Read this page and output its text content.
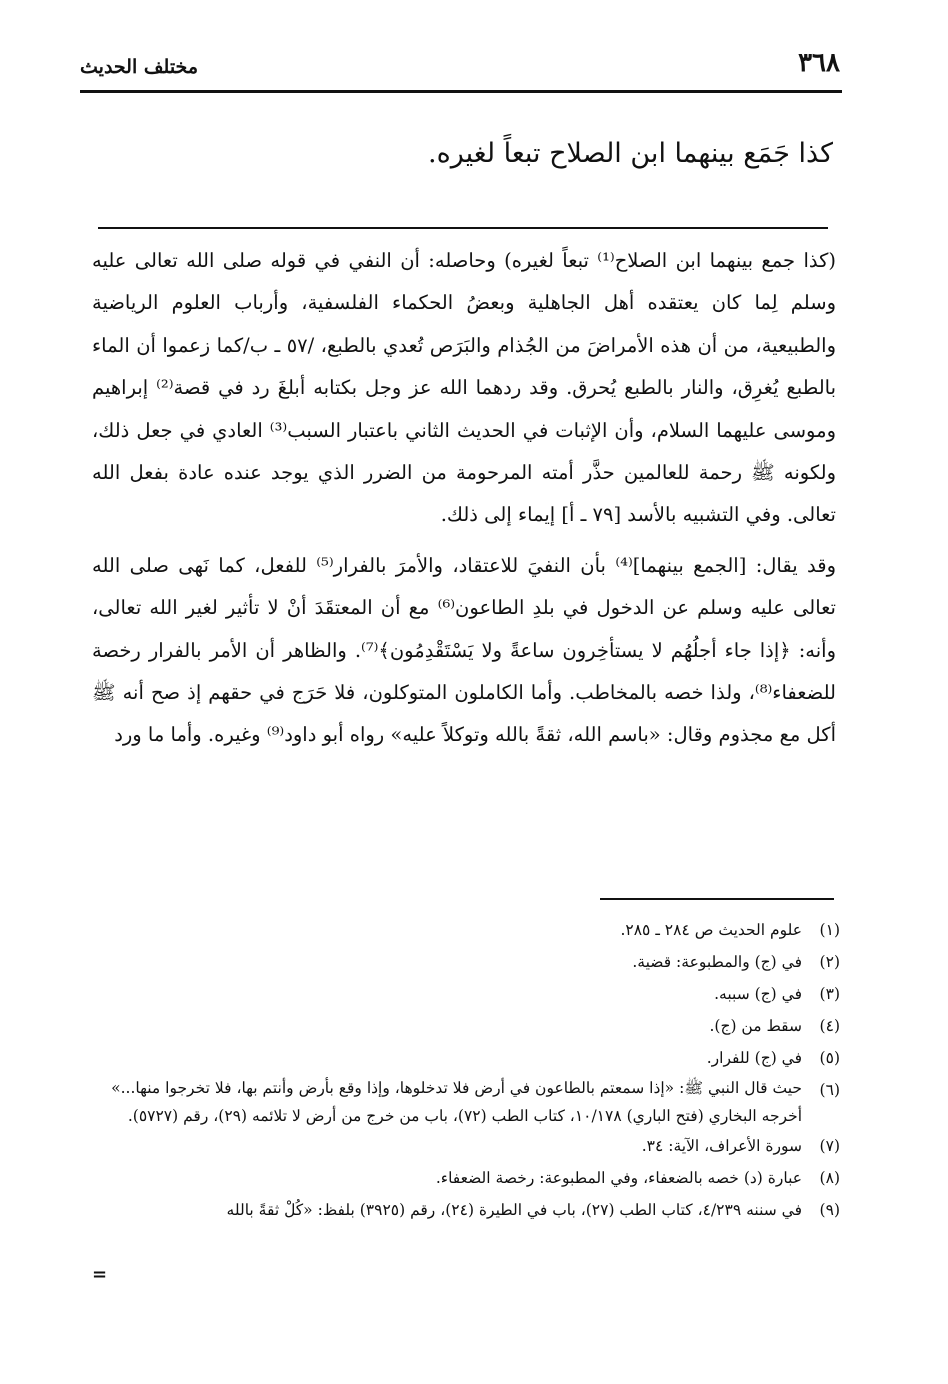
٣٦٨
مختلف الحديث
كذا جَمَع بينهما ابن الصلاح تبعاً لغيره.

(كذا جمع بينهما ابن الصلاح⁽¹⁾ تبعاً لغيره) وحاصله: أن النفي في قوله صلى الله تعالى عليه وسلم لِما كان يعتقده أهل الجاهلية وبعضُ الحكماء الفلسفية، وأرباب العلوم الرياضية والطبيعية، من أن هذه الأمراضَ من الجُذام والبَرَص تُعدي بالطبع، /٥٧ ـ ب/كما زعموا أن الماء بالطبع يُغرِق، والنار بالطبع يُحرق. وقد ردهما الله عز وجل بكتابه أبلغَ رد في قصة⁽²⁾ إبراهيم وموسى عليهما السلام، وأن الإثبات في الحديث الثاني باعتبار السبب⁽³⁾ العادي في جعل ذلك، ولكونه ﷺ رحمة للعالمين حذَّر أمته المرحومة من الضرر الذي يوجد عنده عادة بفعل الله تعالى. وفي التشبيه بالأسد [٧٩ ـ أ] إيماء إلى ذلك.

وقد يقال: [الجمع بينهما]⁽⁴⁾ بأن النفيَ للاعتقاد، والأمرَ بالفرار⁽⁵⁾ للفعل، كما نَهى صلى الله تعالى عليه وسلم عن الدخول في بلدِ الطاعون⁽⁶⁾ مع أن المعتقَدَ أنْ لا تأثير لغير الله تعالى، وأنه: ﴿إذا جاء أجلُهُم لا يستأخِرون ساعةً ولا يَسْتَقْدِمُون﴾⁽⁷⁾. والظاهر أن الأمر بالفرار رخصة للضعفاء⁽⁸⁾، ولذا خصه بالمخاطب. وأما الكاملون المتوكلون، فلا حَرَج في حقهم إذ صح أنه ﷺ أكل مع مجذوم وقال: «باسم الله، ثقةً بالله وتوكلاً عليه» رواه أبو داود⁽⁹⁾ وغيره. وأما ما ورد

(١)
علوم الحديث ص ٢٨٤ ـ ٢٨٥.
(٢)
في (ج) والمطبوعة: قضية.
(٣)
في (ج) سببه.
(٤)
سقط من (ج).
(٥)
في (ج) للفرار.
(٦)
حيث قال النبي ﷺ: «إذا سمعتم بالطاعون في أرض فلا تدخلوها، وإذا وقع بأرض وأنتم بها، فلا تخرجوا منها...» أخرجه البخاري (فتح الباري) ١٠/١٧٨، كتاب الطب (٧٢)، باب من خرج من أرض لا تلائمه (٢٩)، رقم (٥٧٢٧).
(٧)
سورة الأعراف، الآية: ٣٤.
(٨)
عبارة (د) خصه بالضعفاء، وفي المطبوعة: رخصة الضعفاء.
(٩)
في سننه ٤/٢٣٩، كتاب الطب (٢٧)، باب في الطيرة (٢٤)، رقم (٣٩٢٥) بلفظ: «كُلْ ثقةً بالله
=
